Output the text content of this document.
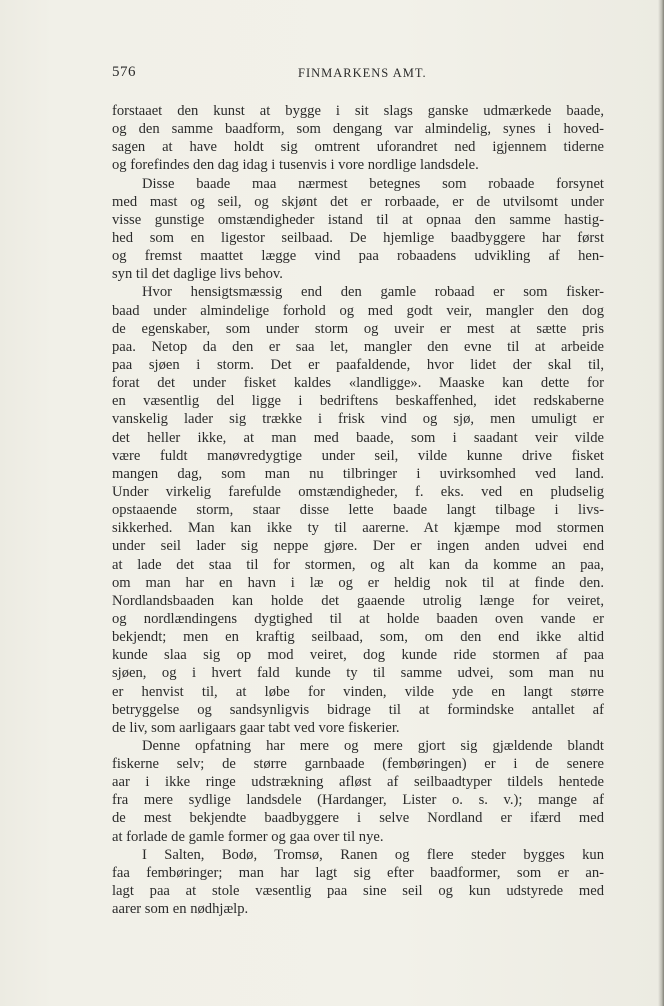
576	FINMARKENS AMT.
forstaaet den kunst at bygge i sit slags ganske udmærkede baade,
og den samme baadform, som dengang var almindelig, synes i hoved-
sagen at have holdt sig omtrent uforandret ned igjennem tiderne
og forefindes den dag idag i tusenvis i vore nordlige landsdele.
Disse baade maa nærmest betegnes som robaade forsynet
med mast og seil, og skjønt det er rorbaade, er de utvilsomt under
visse gunstige omstændigheder istand til at opnaa den samme hastig-
hed som en ligestor seilbaad. De hjemlige baadbyggere har først
og fremst maattet lægge vind paa robaadens udvikling af hen-
syn til det daglige livs behov.
Hvor hensigtsmæssig end den gamle robaad er som fisker-
baad under almindelige forhold og med godt veir, mangler den dog
de egenskaber, som under storm og uveir er mest at sætte pris
paa. Netop da den er saa let, mangler den evne til at arbeide
paa sjøen i storm. Det er paafaldende, hvor lidet der skal til,
forat det under fisket kaldes «landligge». Maaske kan dette for
en væsentlig del ligge i bedriftens beskaffenhed, idet redskaberne
vanskelig lader sig trække i frisk vind og sjø, men umuligt er
det heller ikke, at man med baade, som i saadant veir vilde
være fuldt manøvredygtige under seil, vilde kunne drive fisket
mangen dag, som man nu tilbringer i uvirksomhed ved land.
Under virkelig farefulde omstændigheder, f. eks. ved en pludselig
opstaaende storm, staar disse lette baade langt tilbage i livs-
sikkerhed. Man kan ikke ty til aarerne. At kjæmpe mod stormen
under seil lader sig neppe gjøre. Der er ingen anden udvei end
at lade det staa til for stormen, og alt kan da komme an paa,
om man har en havn i læ og er heldig nok til at finde den.
Nordlandsbaaden kan holde det gaaende utrolig længe for veiret,
og nordlændingens dygtighed til at holde baaden oven vande er
bekjendt; men en kraftig seilbaad, som, om den end ikke altid
kunde slaa sig op mod veiret, dog kunde ride stormen af paa
sjøen, og i hvert fald kunde ty til samme udvei, som man nu
er henvist til, at løbe for vinden, vilde yde en langt større
betryggelse og sandsynligvis bidrage til at formindske antallet af
de liv, som aarligaars gaar tabt ved vore fiskerier.
Denne opfatning har mere og mere gjort sig gjældende blandt
fiskerne selv; de større garnbaade (fembøringen) er i de senere
aar i ikke ringe udstrækning afløst af seilbaadtyper tildels hentede
fra mere sydlige landsdele (Hardanger, Lister o. s. v.); mange af
de mest bekjendte baadbyggere i selve Nordland er ifærd med
at forlade de gamle former og gaa over til nye.
I Salten, Bodø, Tromsø, Ranen og flere steder bygges kun
faa fembøringer; man har lagt sig efter baadformer, som er an-
lagt paa at stole væsentlig paa sine seil og kun udstyrede med
aarer som en nødhjælp.
